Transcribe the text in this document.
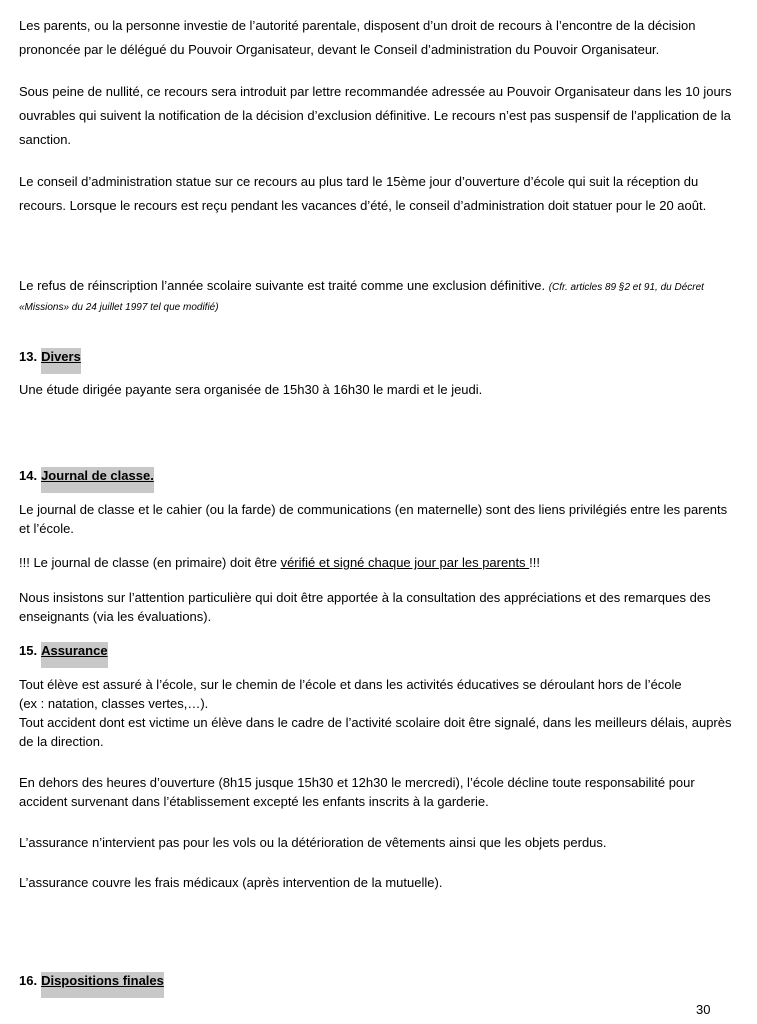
Les parents, ou la personne investie de l’autorité parentale, disposent d’un droit de recours à l’encontre de la décision prononcée par le délégué du Pouvoir Organisateur, devant le Conseil d’administration du Pouvoir Organisateur.

Sous peine de nullité, ce recours sera introduit par lettre recommandée adressée au Pouvoir Organisateur dans les 10 jours ouvrables qui suivent la notification de la décision d’exclusion définitive. Le recours n’est pas suspensif de l’application de la sanction.

Le conseil d’administration statue sur ce recours au plus tard le 15ème jour d’ouverture d’école qui suit la réception du recours. Lorsque le recours est reçu pendant les vacances d’été, le conseil d’administration doit statuer pour le 20 août.

Le refus de réinscription l’année scolaire suivante est traité comme une exclusion définitive. (Cfr. articles 89 §2 et 91, du Décret «Missions» du 24 juillet 1997 tel que modifié)

13. Divers

Une étude dirigée payante sera organisée de 15h30 à 16h30 le mardi et le jeudi.

14. Journal de classe.

Le journal de classe et le cahier (ou la farde) de communications (en maternelle) sont des liens privilégiés entre les parents et l’école.

!!! Le journal de classe (en primaire) doit être vérifié et signé chaque jour par les parents !!!

Nous insistons sur l’attention particulière qui doit être apportée à la consultation des appréciations et des remarques des enseignants (via les évaluations).

15. Assurance
Tout élève est assuré à l’école, sur le chemin de l’école et dans les activités éducatives se déroulant hors de l’école
(ex : natation, classes vertes,…).
Tout accident dont est victime un élève dans le cadre de l’activité scolaire doit être signalé, dans les meilleurs délais, auprès de la direction.

En dehors des heures d’ouverture (8h15 jusque 15h30 et 12h30 le mercredi), l’école décline toute responsabilité pour accident survenant dans l’établissement excepté les enfants inscrits à la garderie.

L’assurance n’intervient pas pour les vols ou la détérioration de vêtements ainsi que les objets perdus.

L’assurance couvre les frais médicaux (après intervention de la mutuelle).

16. Dispositions finales
30
